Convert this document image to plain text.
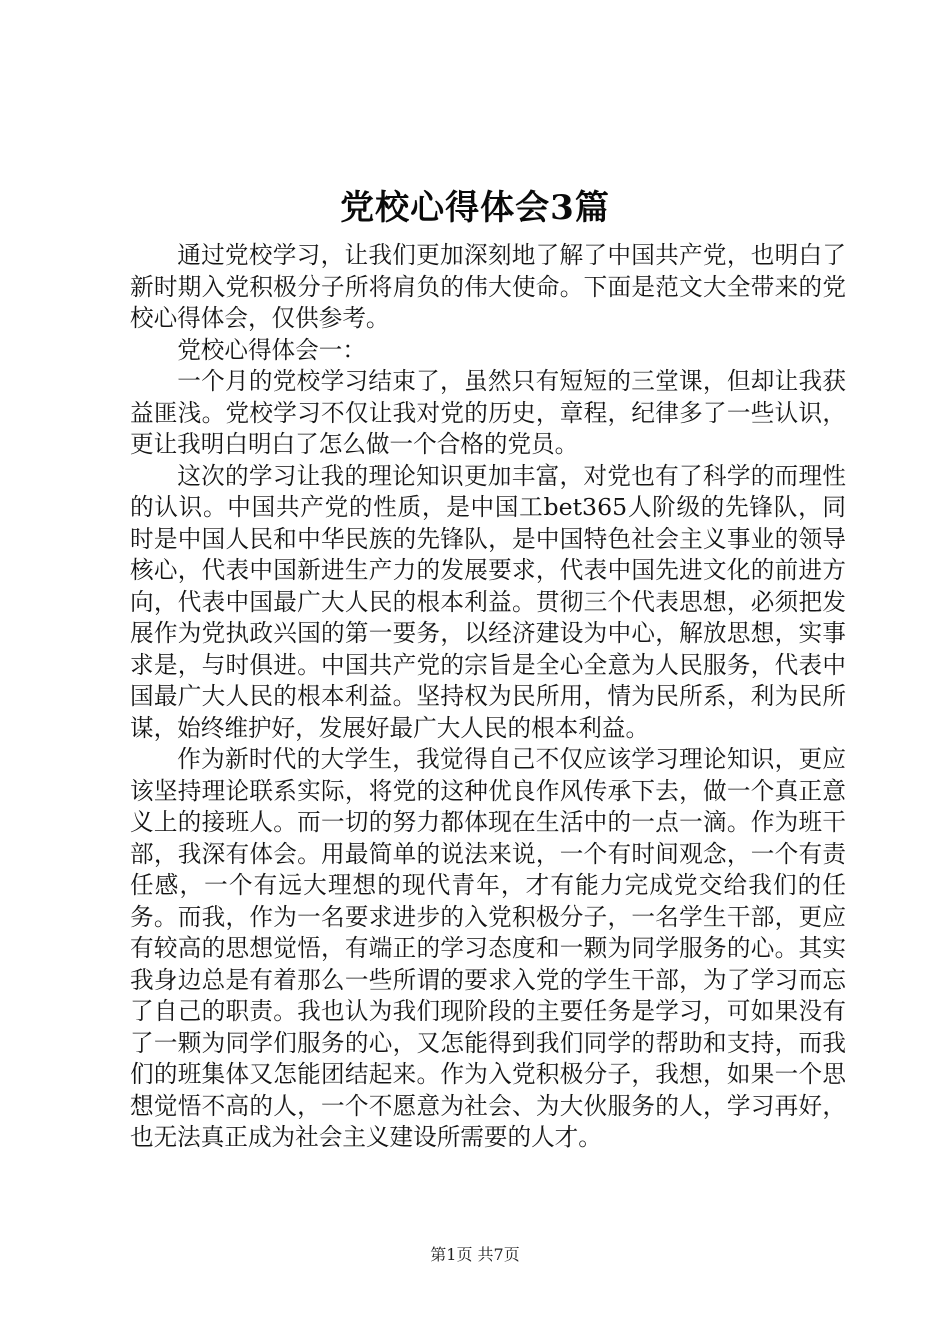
党校心得体会3篇

通过党校学习，让我们更加深刻地了解了中国共产党，也明白了新时期入党积极分子所将肩负的伟大使命。下面是范文大全带来的党校心得体会，仅供参考。

党校心得体会一：

一个月的党校学习结束了，虽然只有短短的三堂课，但却让我获益匪浅。党校学习不仅让我对党的历史，章程，纪律多了一些认识，更让我明白明白了怎么做一个合格的党员。

这次的学习让我的理论知识更加丰富，对党也有了科学的而理性的认识。中国共产党的性质，是中国工bet365人阶级的先锋队，同时是中国人民和中华民族的先锋队，是中国特色社会主义事业的领导核心，代表中国新进生产力的发展要求，代表中国先进文化的前进方向，代表中国最广大人民的根本利益。贯彻三个代表思想，必须把发展作为党执政兴国的第一要务，以经济建设为中心，解放思想，实事求是，与时俱进。中国共产党的宗旨是全心全意为人民服务，代表中国最广大人民的根本利益。坚持权为民所用，情为民所系，利为民所谋，始终维护好，发展好最广大人民的根本利益。

作为新时代的大学生，我觉得自己不仅应该学习理论知识，更应该坚持理论联系实际，将党的这种优良作风传承下去，做一个真正意义上的接班人。而一切的努力都体现在生活中的一点一滴。作为班干部，我深有体会。用最简单的说法来说，一个有时间观念，一个有责任感，一个有远大理想的现代青年，才有能力完成党交给我们的任务。而我，作为一名要求进步的入党积极分子，一名学生干部，更应有较高的思想觉悟，有端正的学习态度和一颗为同学服务的心。其实我身边总是有着那么一些所谓的要求入党的学生干部，为了学习而忘了自己的职责。我也认为我们现阶段的主要任务是学习，可如果没有了一颗为同学们服务的心，又怎能得到我们同学的帮助和支持，而我们的班集体又怎能团结起来。作为入党积极分子，我想，如果一个思想觉悟不高的人，一个不愿意为社会、为大伙服务的人，学习再好，也无法真正成为社会主义建设所需要的人才。

第1页 共7页
